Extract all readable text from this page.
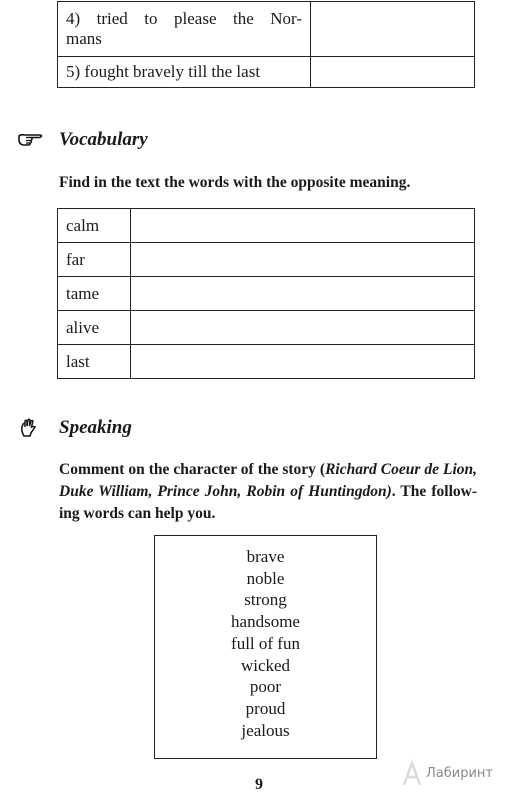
4) tried to please the Nor-
mans	
5) fought bravely till the last	
Vocabulary
Find in the text the words with the opposite meaning.
calm	
far	
tame	
alive	
last	
Speaking
Comment on the character of the story (Richard Coeur de Lion,
Duke William, Prince John, Robin of Huntingdon). The follow-
ing words can help you.
brave
noble
strong
handsome
full of fun
wicked
poor
proud
jealous
9
Лабиринт
